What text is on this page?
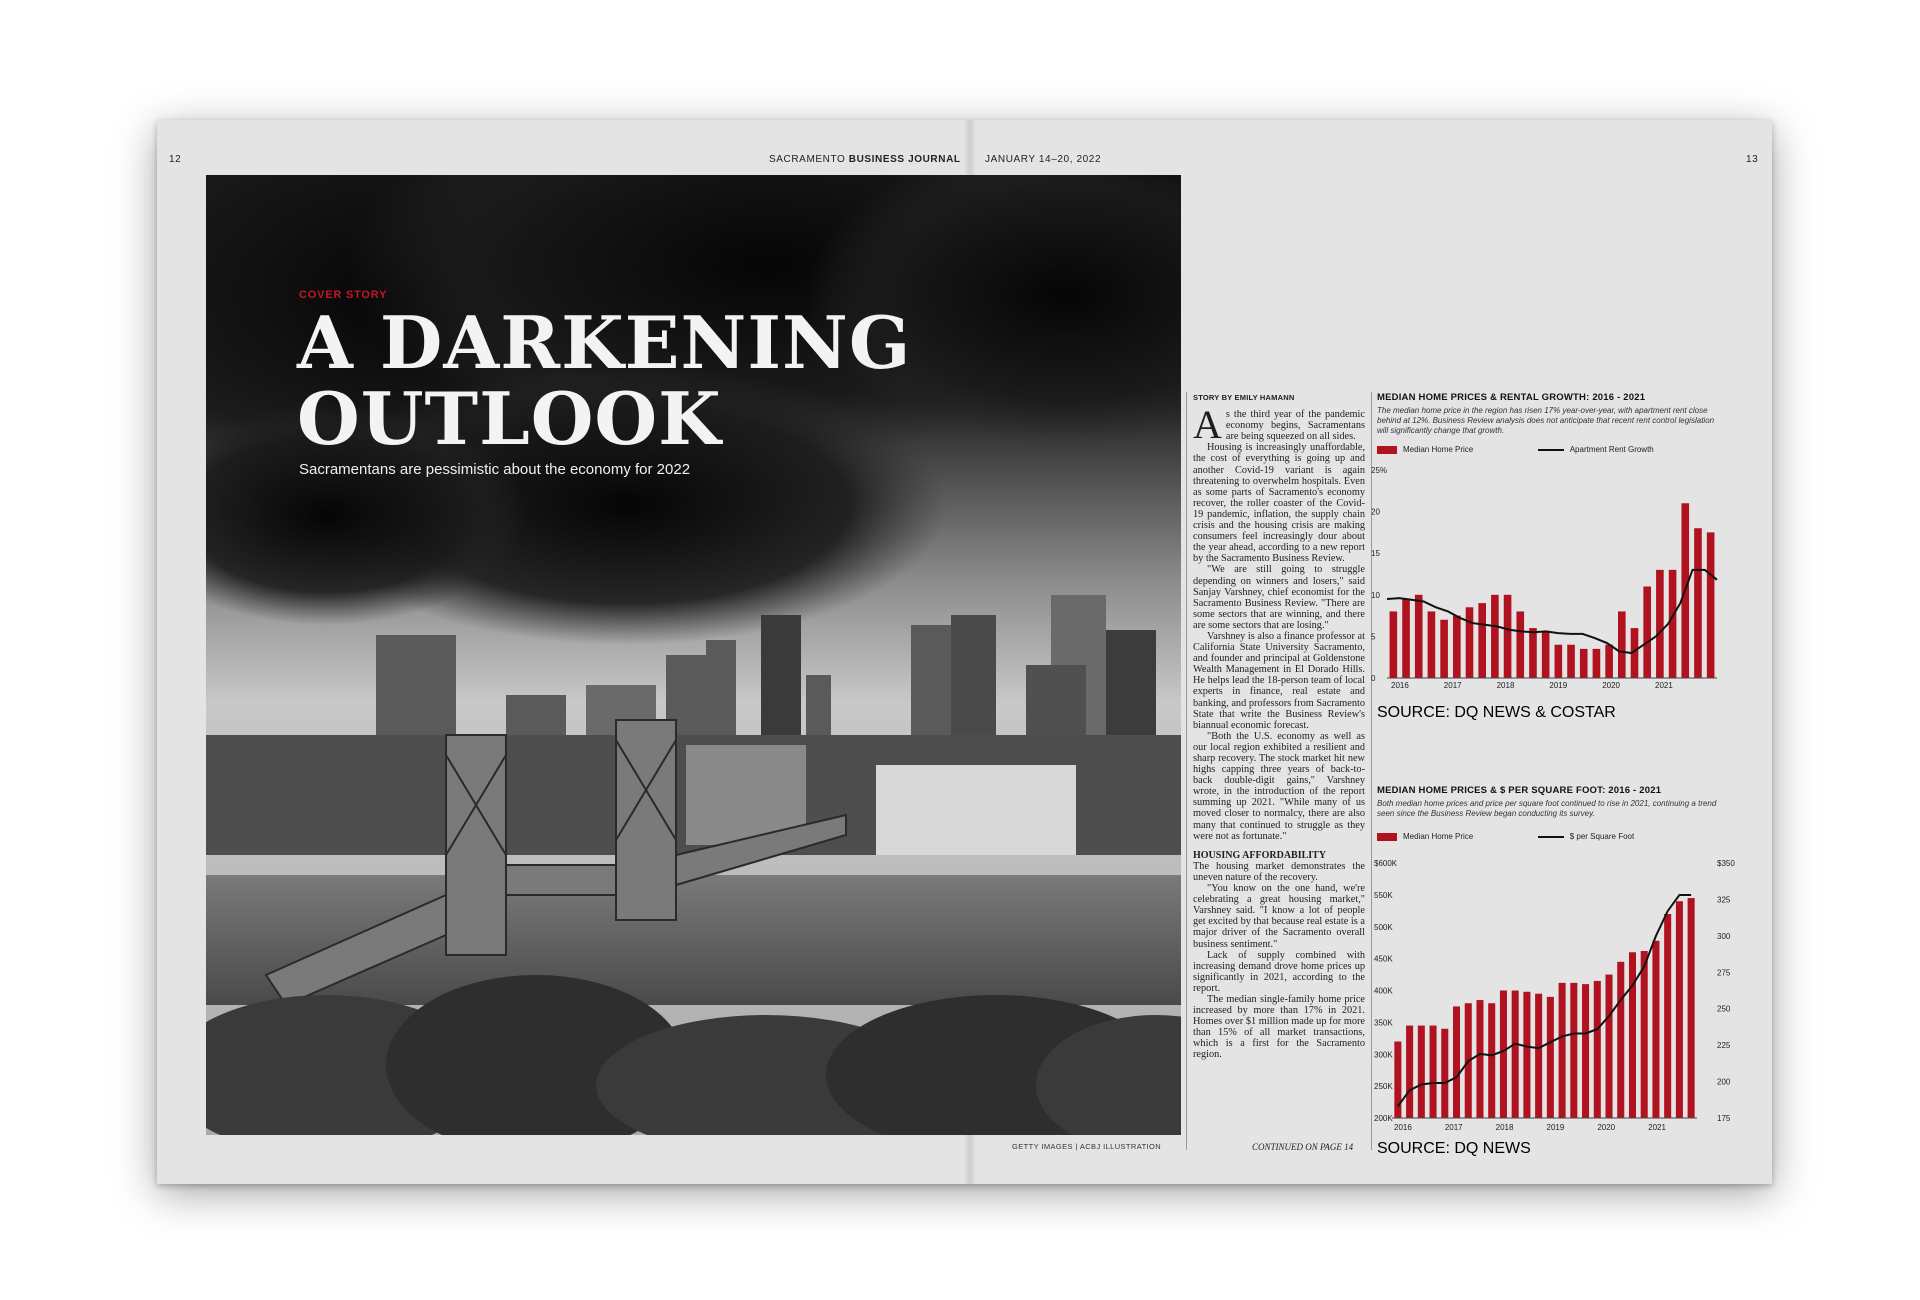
12	SACRAMENTO BUSINESS JOURNAL JANUARY 14–20, 2022	13
COVER STORY
A DARKENING
OUTLOOK
Sacramentans are pessimistic about the economy for 2022
GETTY IMAGES | ACBJ ILLUSTRATION
STORY BY EMILY HAMANN

As the third year of the pandemic economy begins, Sacramentans are being squeezed on all sides.

Housing is increasingly unaffordable, the cost of everything is going up and another Covid-19 variant is again threatening to overwhelm hospitals. Even as some parts of Sacramento's economy recover, the roller coaster of the Covid-19 pandemic, inflation, the supply chain crisis and the housing crisis are making consumers feel increasingly dour about the year ahead, according to a new report by the Sacramento Business Review.

"We are still going to struggle depending on winners and losers," said Sanjay Varshney, chief economist for the Sacramento Business Review. "There are some sectors that are winning, and there are some sectors that are losing."

Varshney is also a finance professor at California State University Sacramento, and founder and principal at Goldenstone Wealth Management in El Dorado Hills. He helps lead the 18-person team of local experts in finance, real estate and banking, and professors from Sacramento State that write the Business Review's biannual economic forecast.

"Both the U.S. economy as well as our local region exhibited a resilient and sharp recovery. The stock market hit new highs capping three years of back-to-back double-digit gains," Varshney wrote, in the introduction of the report summing up 2021. "While many of us moved closer to normalcy, there are also many that continued to struggle as they were not as fortunate."

HOUSING AFFORDABILITY

The housing market demonstrates the uneven nature of the recovery.

"You know on the one hand, we're celebrating a great housing market," Varshney said. "I know a lot of people get excited by that because real estate is a major driver of the Sacramento overall business sentiment."

Lack of supply combined with increasing demand drove home prices up significantly in 2021, according to the report.

The median single-family home price increased by more than 17% in 2021. Homes over $1 million made up for more than 15% of all market transactions, which is a first for the Sacramento region.

CONTINUED ON PAGE 14
MEDIAN HOME PRICES & RENTAL GROWTH: 2016 - 2021
The median home price in the region has risen 17% year-over-year, with apartment rent close behind at 12%. Business Review analysis does not anticipate that recent rent control legislation will significantly change that growth.
Median Home Price	Apartment Rent Growth
0
5
10
15
20
25%
2016	2017	2018	2019	2020	2021
SOURCE: DQ NEWS & COSTAR
MEDIAN HOME PRICES & $ PER SQUARE FOOT: 2016 - 2021
Both median home prices and price per square foot continued to rise in 2021, continuing a trend seen since the Business Review began conducting its survey.
Median Home Price	$ per Square Foot
200K
250K
300K
350K
400K
450K
500K
550K
$600K
175
200
225
250
275
300
325
$350
2016	2017	2018	2019	2020	2021
SOURCE: DQ NEWS
